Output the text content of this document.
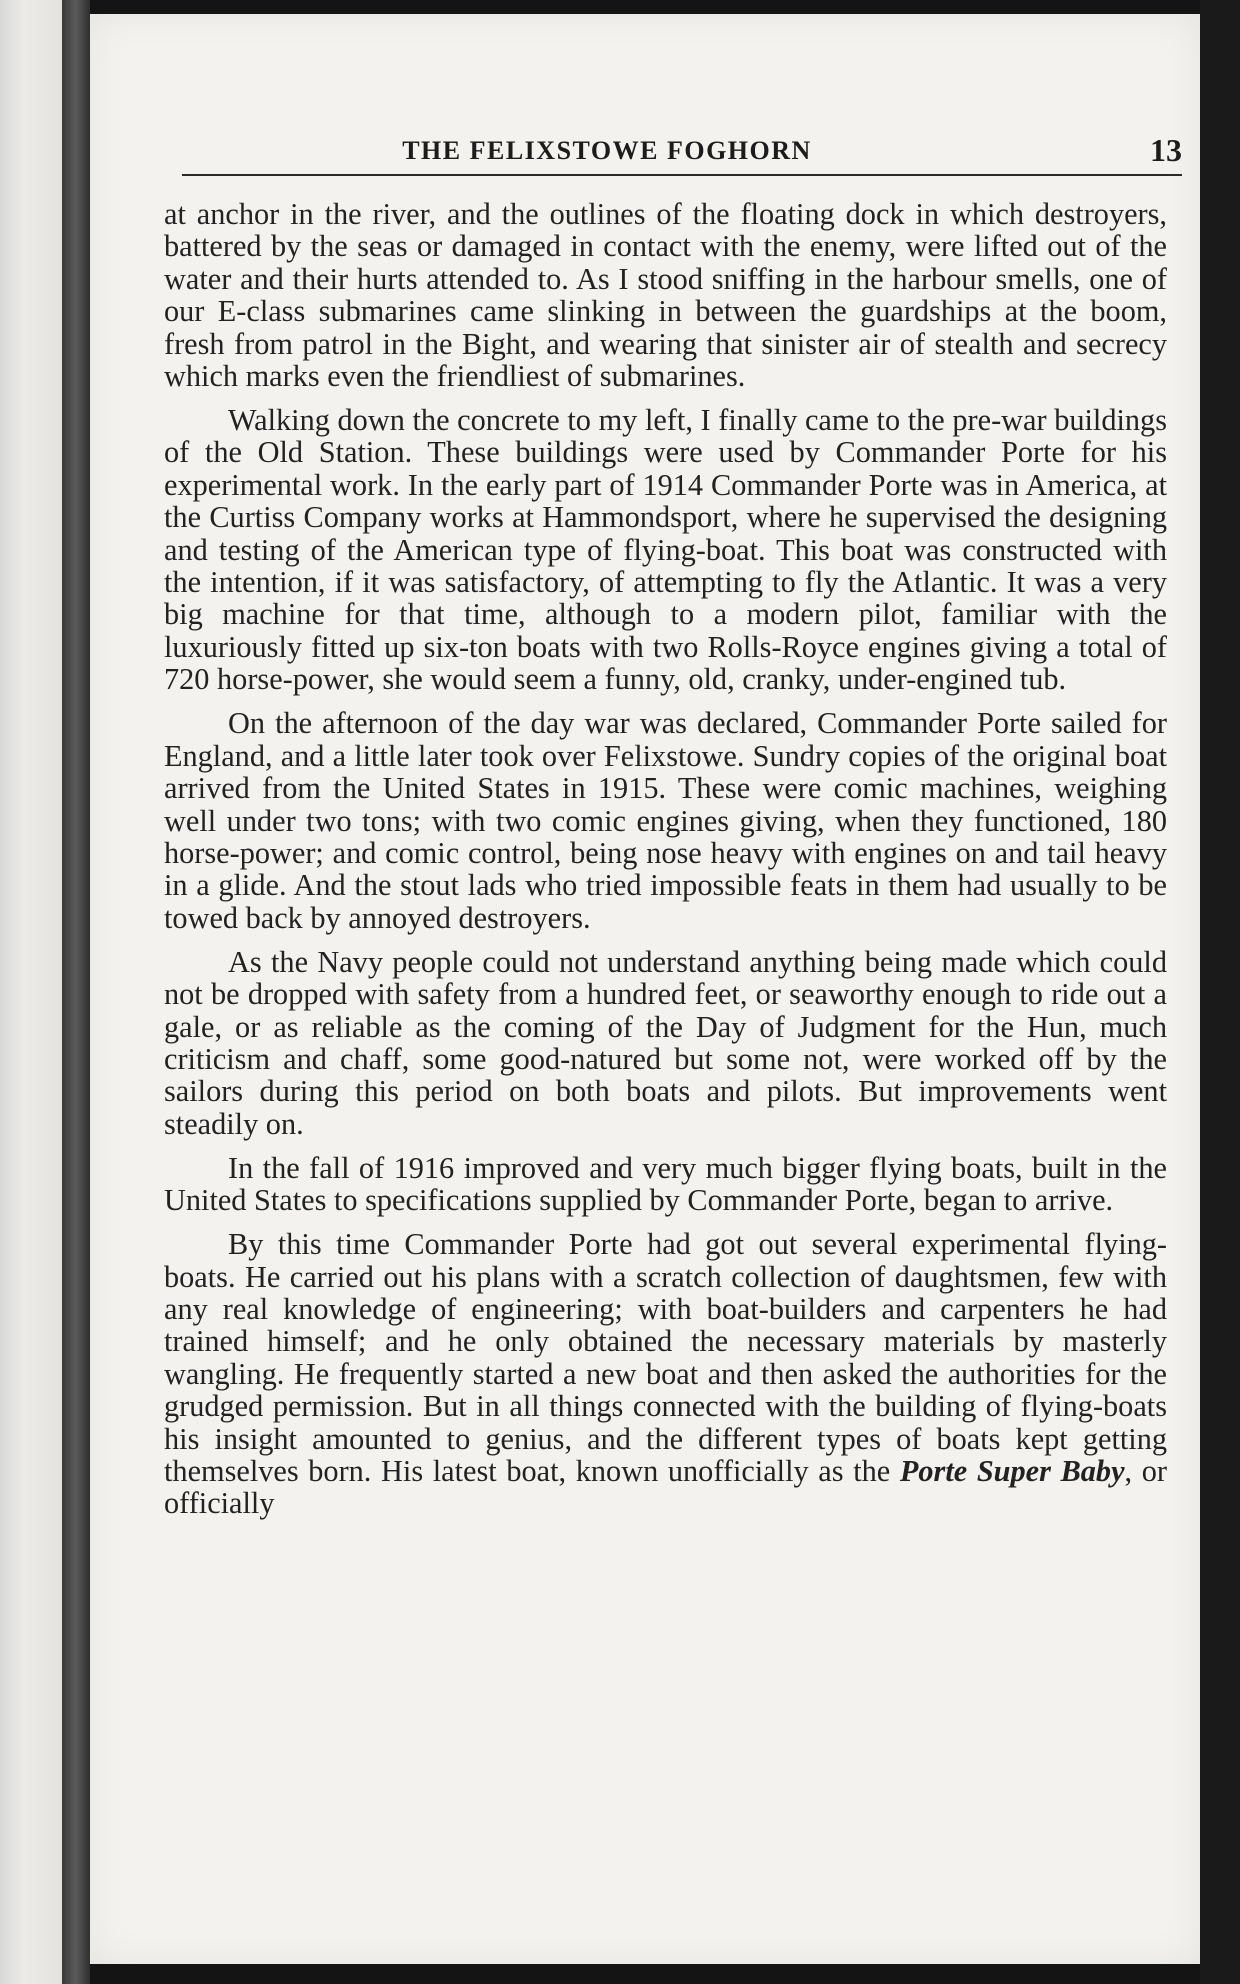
THE FELIXSTOWE FOGHORN	13

at anchor in the river, and the outlines of the floating dock in which destroyers, battered by the seas or damaged in contact with the enemy, were lifted out of the water and their hurts attended to. As I stood sniffing in the harbour smells, one of our E-class submarines came slinking in between the guardships at the boom, fresh from patrol in the Bight, and wearing that sinister air of stealth and secrecy which marks even the friendliest of submarines.

Walking down the concrete to my left, I finally came to the pre-war buildings of the Old Station. These buildings were used by Commander Porte for his experimental work. In the early part of 1914 Commander Porte was in America, at the Curtiss Company works at Hammondsport, where he supervised the designing and testing of the American type of flying-boat. This boat was constructed with the intention, if it was satisfactory, of attempting to fly the Atlantic. It was a very big machine for that time, although to a modern pilot, familiar with the luxuriously fitted up six-ton boats with two Rolls-Royce engines giving a total of 720 horse-power, she would seem a funny, old, cranky, under-engined tub.

On the afternoon of the day war was declared, Commander Porte sailed for England, and a little later took over Felixstowe. Sundry copies of the original boat arrived from the United States in 1915. These were comic machines, weighing well under two tons; with two comic engines giving, when they functioned, 180 horse-power; and comic control, being nose heavy with engines on and tail heavy in a glide. And the stout lads who tried impossible feats in them had usually to be towed back by annoyed destroyers.

As the Navy people could not understand anything being made which could not be dropped with safety from a hundred feet, or seaworthy enough to ride out a gale, or as reliable as the coming of the Day of Judgment for the Hun, much criticism and chaff, some good-natured but some not, were worked off by the sailors during this period on both boats and pilots. But improvements went steadily on.

In the fall of 1916 improved and very much bigger flying boats, built in the United States to specifications supplied by Commander Porte, began to arrive.

By this time Commander Porte had got out several experimental flying-boats. He carried out his plans with a scratch collection of daughtsmen, few with any real knowledge of engineering; with boat-builders and carpenters he had trained himself; and he only obtained the necessary materials by masterly wangling. He frequently started a new boat and then asked the authorities for the grudged permission. But in all things connected with the building of flying-boats his insight amounted to genius, and the different types of boats kept getting themselves born. His latest boat, known unofficially as the Porte Super Baby, or officially
